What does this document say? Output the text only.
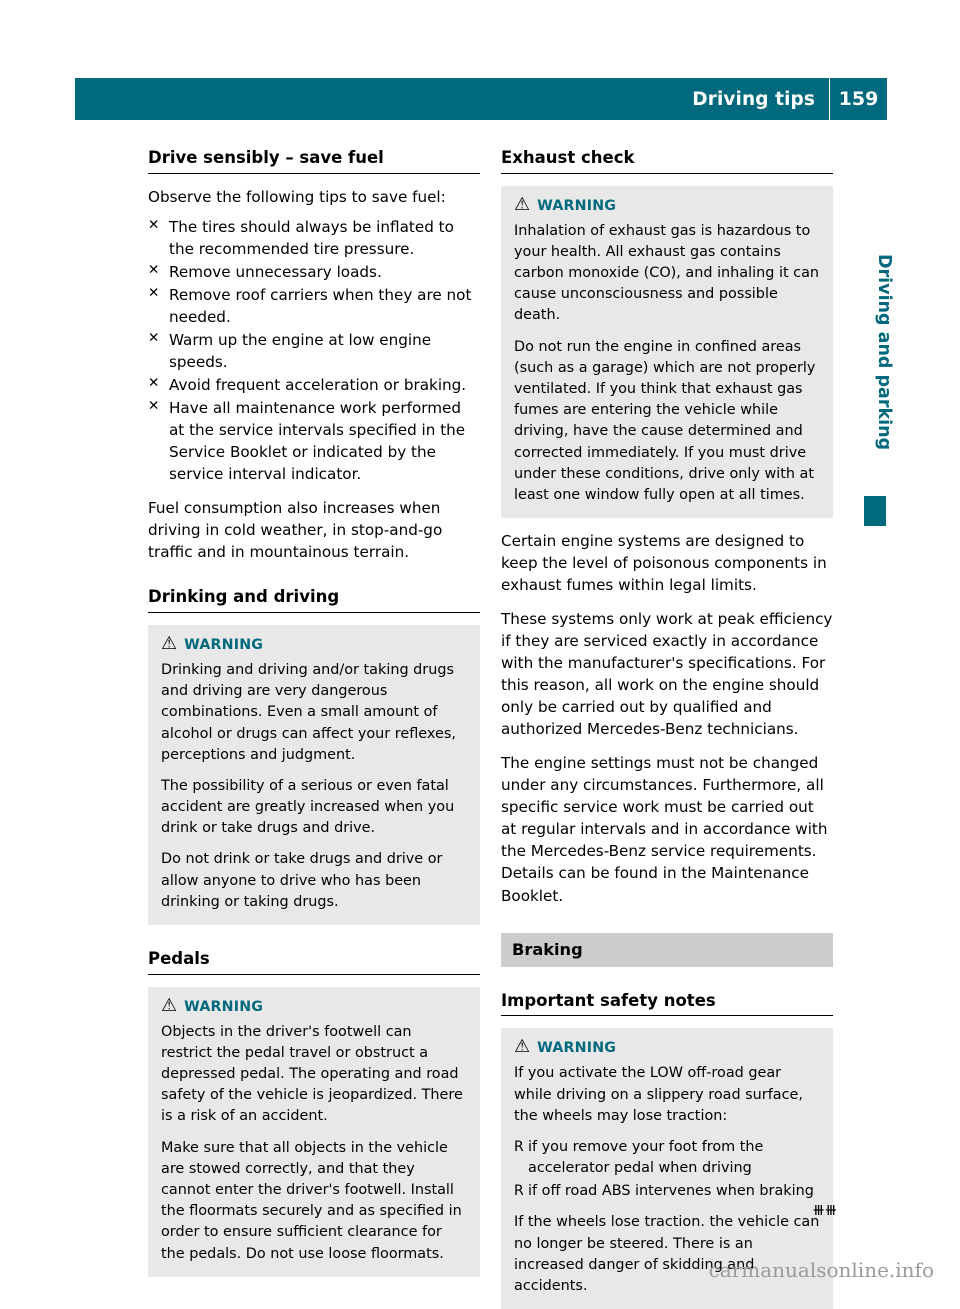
Driving tips	159
Driving and parking
Drive sensibly – save fuel

Observe the following tips to save fuel:

✕ The tires should always be inflated to the recommended tire pressure.
✕ Remove unnecessary loads.
✕ Remove roof carriers when they are not needed.
✕ Warm up the engine at low engine speeds.
✕ Avoid frequent acceleration or braking.
✕ Have all maintenance work performed at the service intervals specified in the Service Booklet or indicated by the service interval indicator.

Fuel consumption also increases when driving in cold weather, in stop-and-go traffic and in mountainous terrain.

Drinking and driving
⚠ WARNING

Drinking and driving and/or taking drugs and driving are very dangerous combinations. Even a small amount of alcohol or drugs can affect your reflexes, perceptions and judgment.

The possibility of a serious or even fatal accident are greatly increased when you drink or take drugs and drive.

Do not drink or take drugs and drive or allow anyone to drive who has been drinking or taking drugs.

Pedals
⚠ WARNING

Objects in the driver's footwell can restrict the pedal travel or obstruct a depressed pedal. The operating and road safety of the vehicle is jeopardized. There is a risk of an accident.

Make sure that all objects in the vehicle are stowed correctly, and that they cannot enter the driver's footwell. Install the floormats securely and as specified in order to ensure sufficient clearance for the pedals. Do not use loose floormats.

Exhaust check
⚠ WARNING

Inhalation of exhaust gas is hazardous to your health. All exhaust gas contains carbon monoxide (CO), and inhaling it can cause unconsciousness and possible death.

Do not run the engine in confined areas (such as a garage) which are not properly ventilated. If you think that exhaust gas fumes are entering the vehicle while driving, have the cause determined and corrected immediately. If you must drive under these conditions, drive only with at least one window fully open at all times.

Certain engine systems are designed to keep the level of poisonous components in exhaust fumes within legal limits.

These systems only work at peak efficiency if they are serviced exactly in accordance with the manufacturer's specifications. For this reason, all work on the engine should only be carried out by qualified and authorized Mercedes-Benz technicians.

The engine settings must not be changed under any circumstances. Furthermore, all specific service work must be carried out at regular intervals and in accordance with the Mercedes-Benz service requirements. Details can be found in the Maintenance Booklet.

Braking
Important safety notes
⚠ WARNING

If you activate the LOW off-road gear while driving on a slippery road surface, the wheels may lose traction:

R if you remove your foot from the accelerator pedal when driving
R if off road ABS intervenes when braking

If the wheels lose traction. the vehicle can no longer be steered. There is an increased danger of skidding and accidents.

⧻⧻
carmanualsonline.info
